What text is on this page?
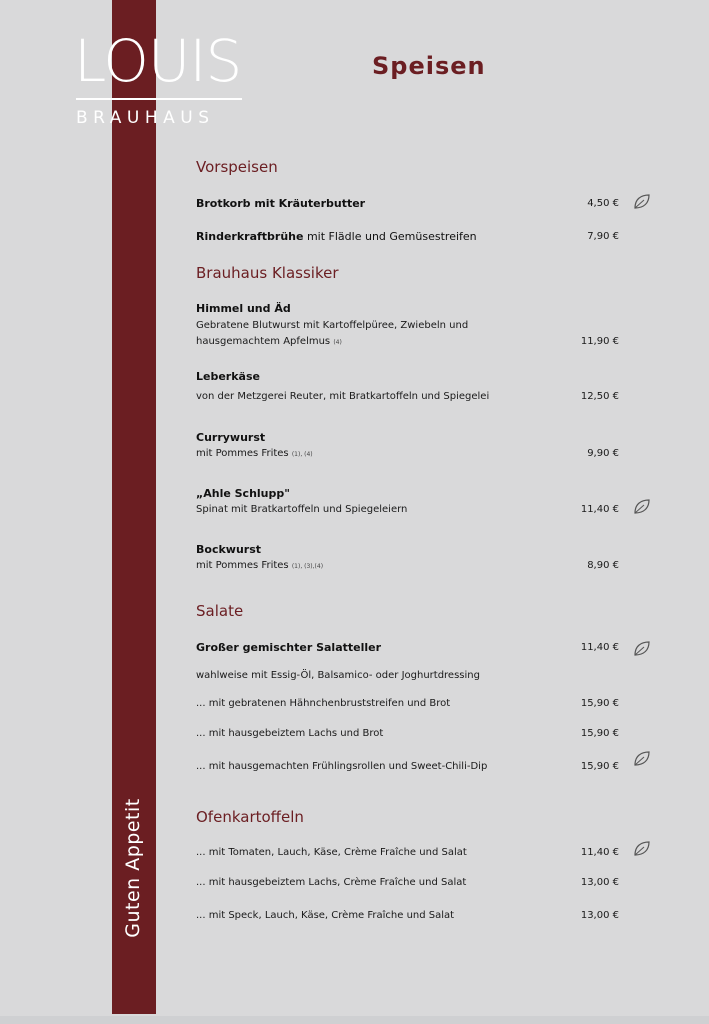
Guten Appetit
LOUIS
BRAUHAUS
Speisen
Vorspeisen
Brotkorb mit Kräuterbutter	4,50 €
Rinderkraftbrühe mit Flädle und Gemüsestreifen	7,90 €
Brauhaus Klassiker
Himmel und Äd
Gebratene Blutwurst mit Kartoffelpüree, Zwiebeln und
hausgemachtem Apfelmus (4)	11,90 €
Leberkäse
von der Metzgerei Reuter, mit Bratkartoffeln und Spiegelei	12,50 €
Currywurst
mit Pommes Frites (1), (4)	9,90 €
„Ahle Schlupp"
Spinat mit Bratkartoffeln und Spiegeleiern	11,40 €
Bockwurst
mit Pommes Frites (1), (3),(4)	8,90 €
Salate
Großer gemischter Salatteller	11,40 €
wahlweise mit Essig-Öl, Balsamico- oder Joghurtdressing
... mit gebratenen Hähnchenbruststreifen und Brot	15,90 €
... mit hausgebeiztem Lachs und Brot	15,90 €
... mit hausgemachten Frühlingsrollen und Sweet-Chili-Dip	15,90 €
Ofenkartoffeln
... mit Tomaten, Lauch, Käse, Crème Fraîche und Salat	11,40 €
... mit hausgebeiztem Lachs, Crème Fraîche und Salat	13,00 €
... mit Speck, Lauch, Käse, Crème Fraîche und Salat	13,00 €
